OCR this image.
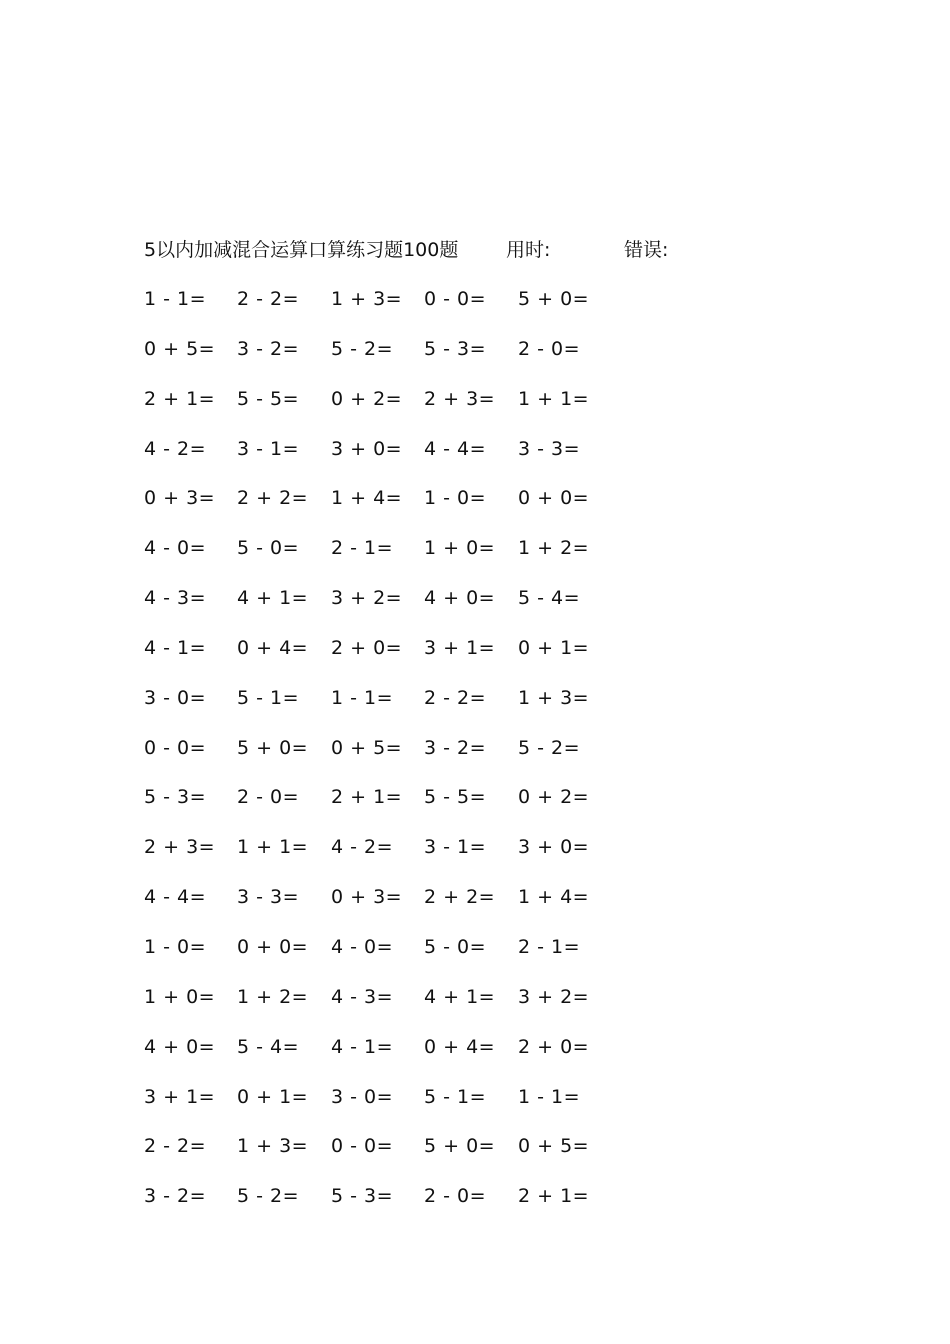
5以内加减混合运算口算练习题100题	用时:	错误:
1 - 1= 2 - 2= 1 + 3= 0 - 0= 5 + 0=
0 + 5= 3 - 2= 5 - 2= 5 - 3= 2 - 0=
2 + 1= 5 - 5= 0 + 2= 2 + 3= 1 + 1=
4 - 2= 3 - 1= 3 + 0= 4 - 4= 3 - 3=
0 + 3= 2 + 2= 1 + 4= 1 - 0= 0 + 0=
4 - 0= 5 - 0= 2 - 1= 1 + 0= 1 + 2=
4 - 3= 4 + 1= 3 + 2= 4 + 0= 5 - 4=
4 - 1= 0 + 4= 2 + 0= 3 + 1= 0 + 1=
3 - 0= 5 - 1= 1 - 1= 2 - 2= 1 + 3=
0 - 0= 5 + 0= 0 + 5= 3 - 2= 5 - 2=
5 - 3= 2 - 0= 2 + 1= 5 - 5= 0 + 2=
2 + 3= 1 + 1= 4 - 2= 3 - 1= 3 + 0=
4 - 4= 3 - 3= 0 + 3= 2 + 2= 1 + 4=
1 - 0= 0 + 0= 4 - 0= 5 - 0= 2 - 1=
1 + 0= 1 + 2= 4 - 3= 4 + 1= 3 + 2=
4 + 0= 5 - 4= 4 - 1= 0 + 4= 2 + 0=
3 + 1= 0 + 1= 3 - 0= 5 - 1= 1 - 1=
2 - 2= 1 + 3= 0 - 0= 5 + 0= 0 + 5=
3 - 2= 5 - 2= 5 - 3= 2 - 0= 2 + 1=
